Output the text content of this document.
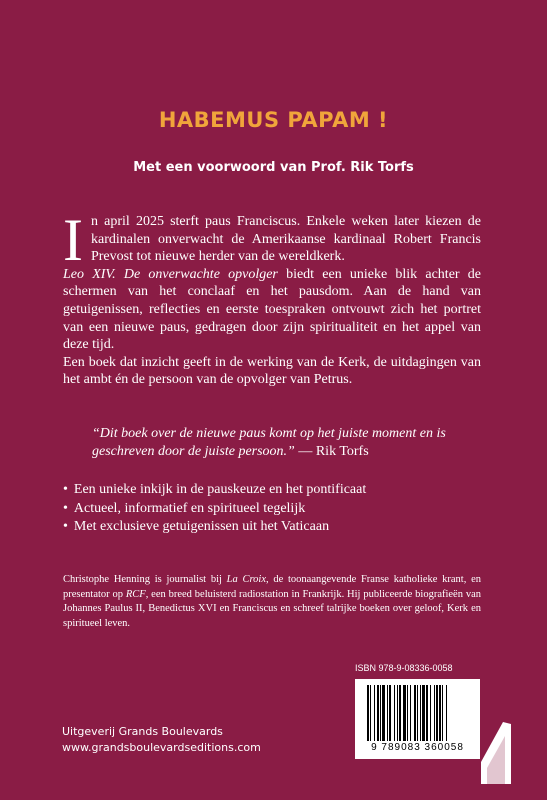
HABEMUS PAPAM !
Met een voorwoord van Prof. Rik Torfs

In april 2025 sterft paus Franciscus. Enkele weken later kiezen de kardinalen onverwacht de Amerikaanse kardinaal Robert Francis Prevost tot nieuwe herder van de wereldkerk.

Leo XIV. De onverwachte opvolger biedt een unieke blik achter de schermen van het conclaaf en het pausdom. Aan de hand van getuigenissen, reflecties en eerste toespraken ontvouwt zich het portret van een nieuwe paus, gedragen door zijn spiritualiteit en het appel van deze tijd.

Een boek dat inzicht geeft in de werking van de Kerk, de uitdagingen van het ambt én de persoon van de opvolger van Petrus.

“Dit boek over de nieuwe paus komt op het juiste moment en is geschreven door de juiste persoon.” — Rik Torfs
• Een unieke inkijk in de pauskeuze en het pontificaat
• Actueel, informatief en spiritueel tegelijk
• Met exclusieve getuigenissen uit het Vaticaan
Christophe Henning is journalist bij La Croix, de toonaangevende Franse katholieke krant, en presentator op RCF, een breed beluisterd radiostation in Frankrijk. Hij publiceerde biografieën van Johannes Paulus II, Benedictus XVI en Franciscus en schreef talrijke boeken over geloof, Kerk en spiritueel leven.
ISBN 978-9-08336-0058
9 789083 360058
Uitgeverij Grands Boulevards
www.grandsboulevardseditions.com
